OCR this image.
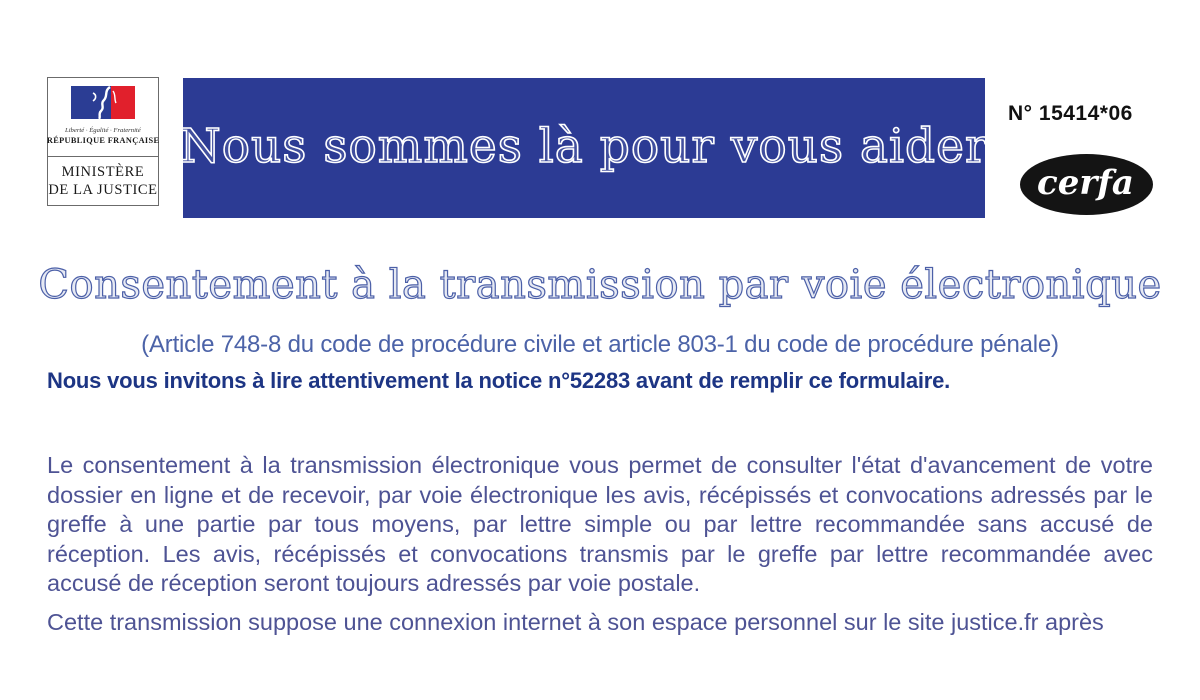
Liberté · Égalité · Fraternité
RÉPUBLIQUE FRANÇAISE
MINISTÈRE
DE LA JUSTICE
Nous sommes là pour vous aider
N° 15414*06
cerfa
Consentement à la transmission par voie électronique
(Article 748-8 du code de procédure civile et article 803-1 du code de procédure pénale)
Nous vous invitons à lire attentivement la notice n°52283 avant de remplir ce formulaire.
Le consentement à la transmission électronique vous permet de consulter l'état d'avancement de votre dossier en ligne et de recevoir, par voie électronique les avis, récépissés et convocations adressés par le greffe à une partie par tous moyens, par lettre simple ou par lettre recommandée sans accusé de réception. Les avis, récépissés et convocations transmis par le greffe par lettre recommandée avec accusé de réception seront toujours adressés par voie postale.
Cette transmission suppose une connexion internet à son espace personnel sur le site justice.fr après
